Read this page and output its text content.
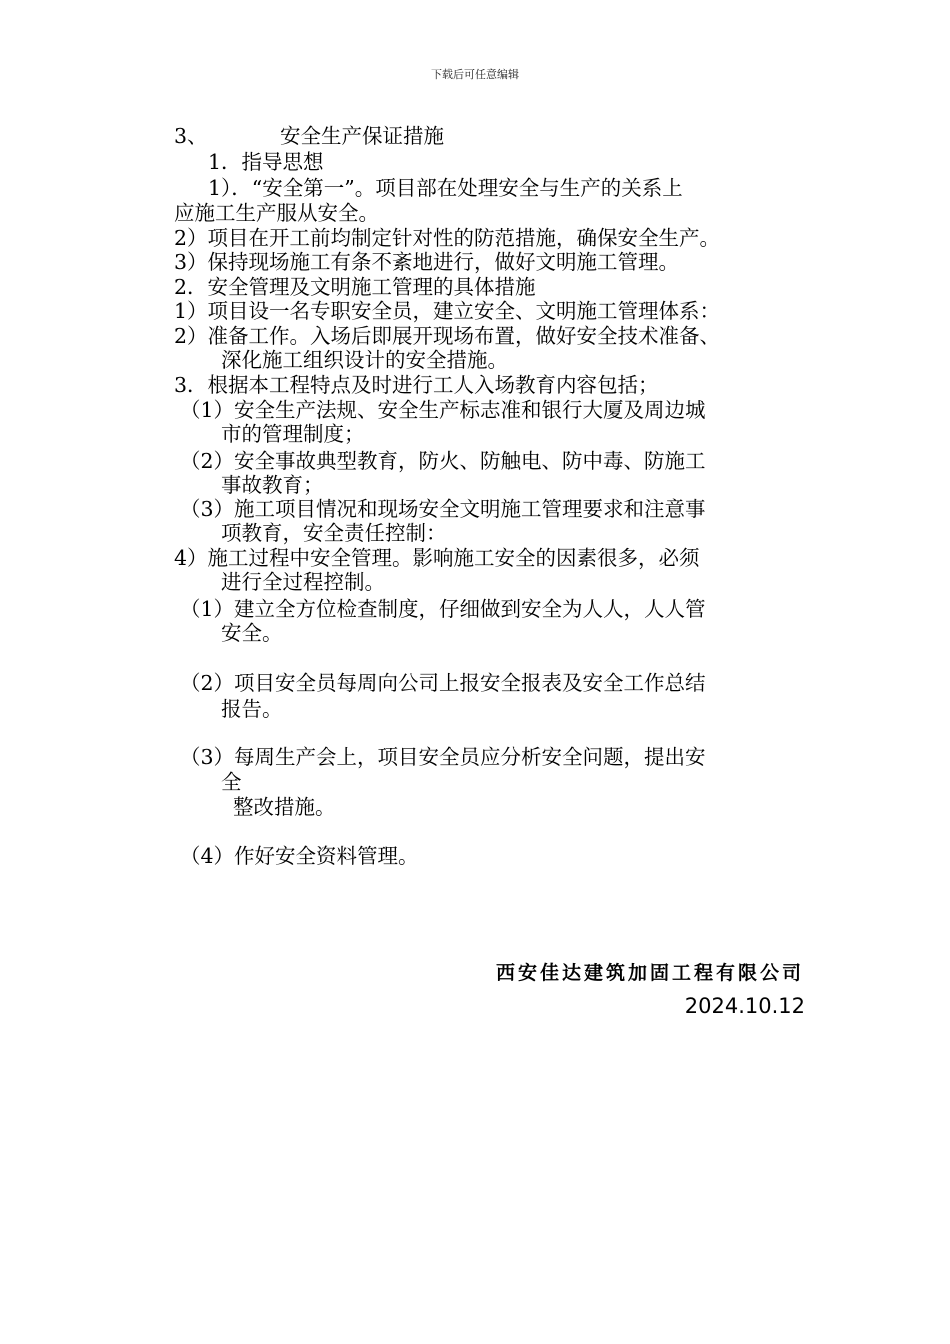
下载后可任意编辑
3、	安全生产保证措施
1．指导思想
1）．“安全第一”。项目部在处理安全与生产的关系上
应施工生产服从安全。
2）项目在开工前均制定针对性的防范措施，确保安全生产。
3）保持现场施工有条不紊地进行，做好文明施工管理。
2．安全管理及文明施工管理的具体措施
1）项目设一名专职安全员，建立安全、文明施工管理体系：
2）准备工作。入场后即展开现场布置，做好安全技术准备、
深化施工组织设计的安全措施。
3．根据本工程特点及时进行工人入场教育内容包括；
（1）安全生产法规、安全生产标志准和银行大厦及周边城
市的管理制度；
（2）安全事故典型教育，防火、防触电、防中毒、防施工
事故教育；
（3）施工项目情况和现场安全文明施工管理要求和注意事
项教育，安全责任控制：
4）施工过程中安全管理。影响施工安全的因素很多，必须
进行全过程控制。
（1）建立全方位检查制度，仔细做到安全为人人，人人管
安全。
（2）项目安全员每周向公司上报安全报表及安全工作总结
报告。
（3）每周生产会上，项目安全员应分析安全问题，提出安
全
整改措施。
（4）作好安全资料管理。
西安佳达建筑加固工程有限公司
2024.10.12
